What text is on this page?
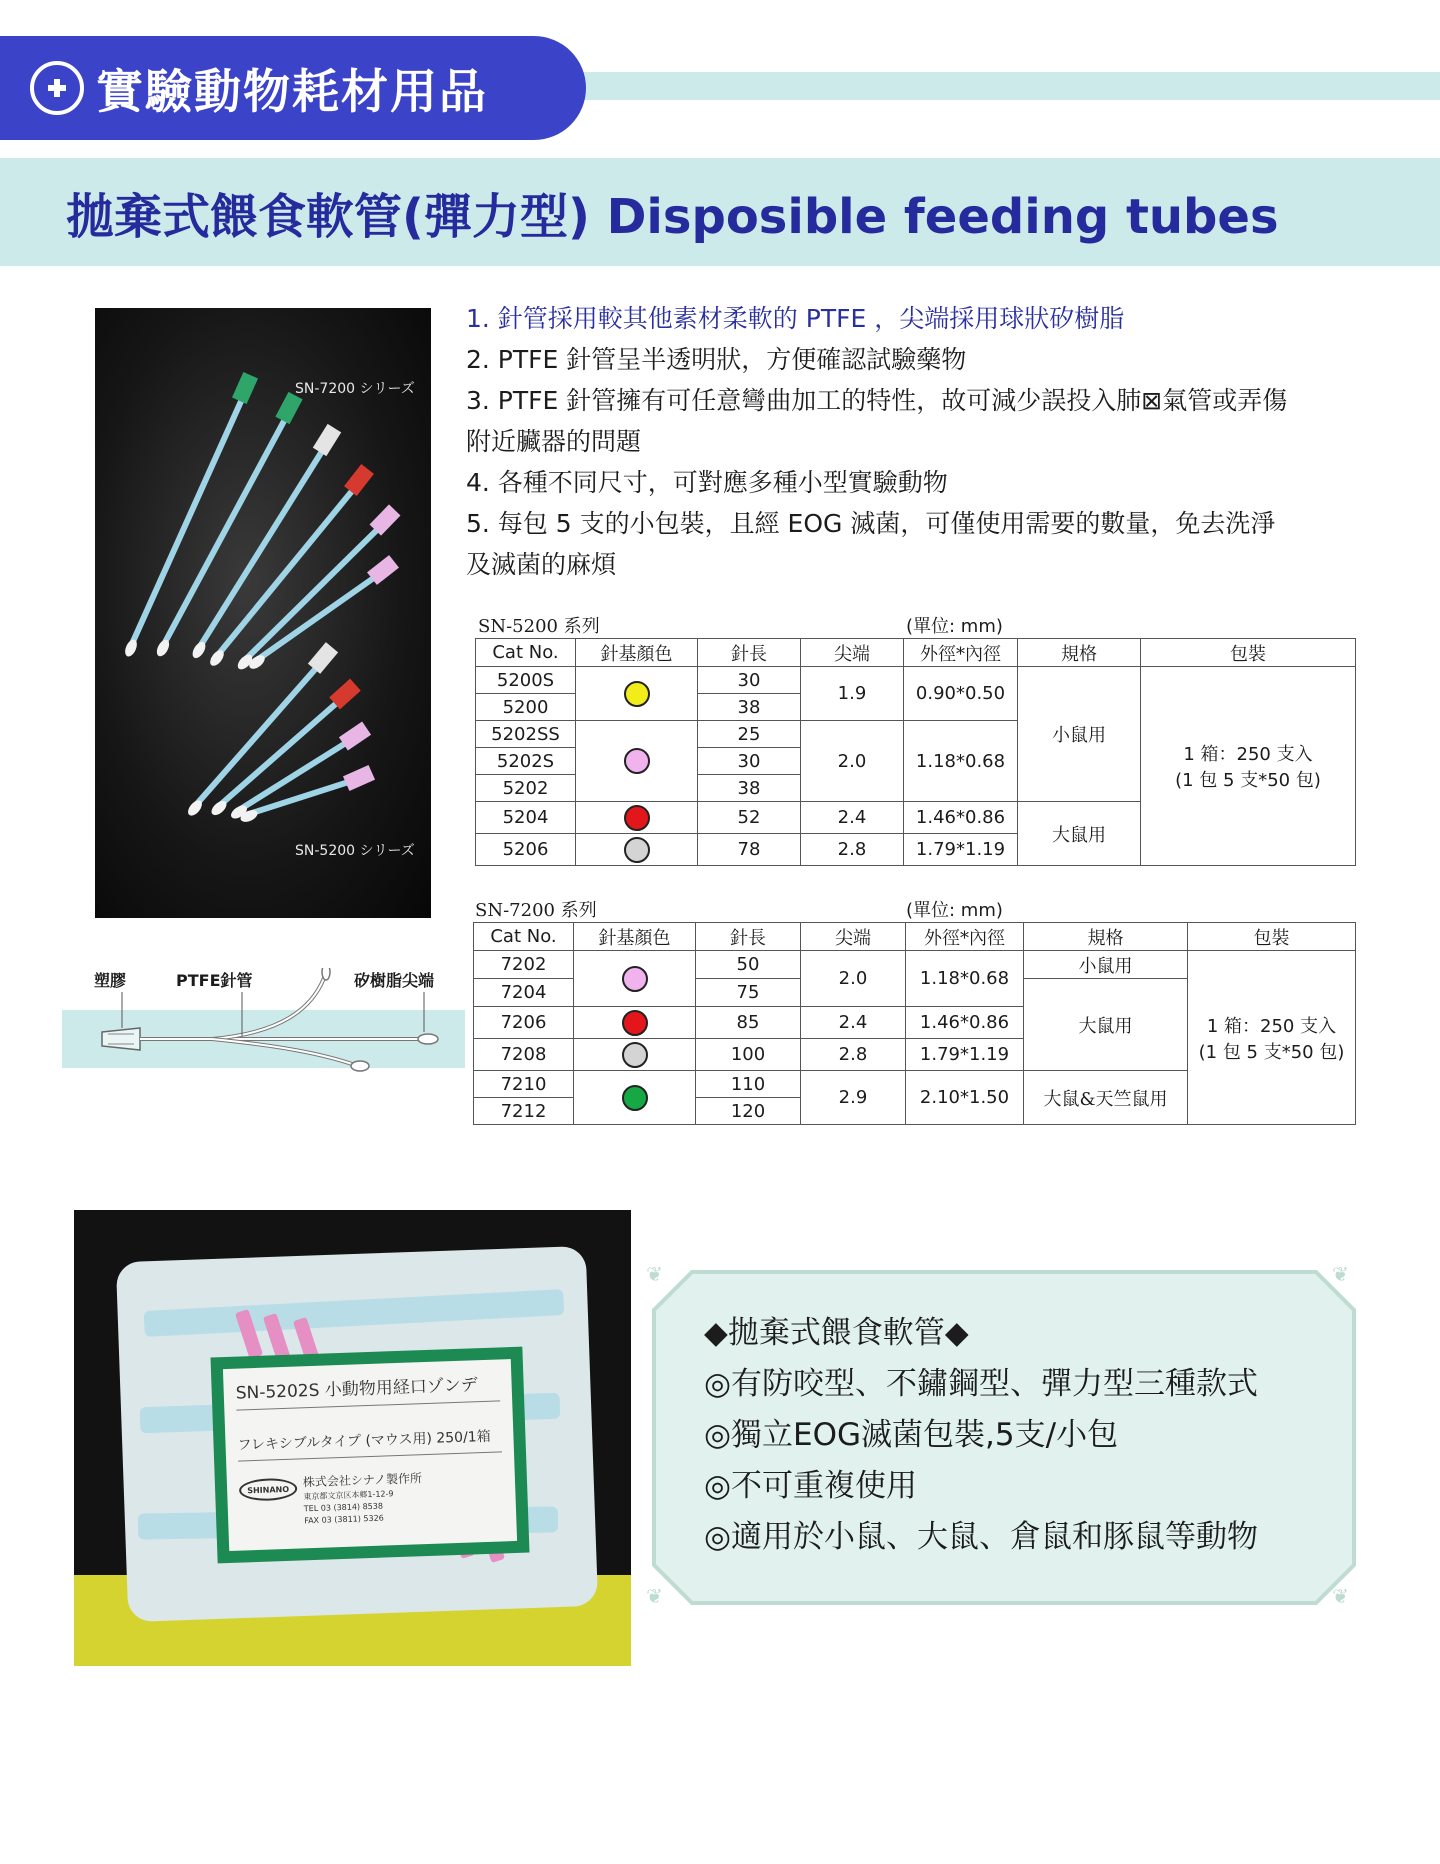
實驗動物耗材用品
拋棄式餵食軟管(彈力型) Disposible feeding tubes
SN-7200 シリーズ
SN-5200 シリーズ
塑膠	PTFE針管	矽樹脂尖端

1. 針管採用較其他素材柔軟的 PTFE ，尖端採用球狀矽樹脂

2. PTFE 針管呈半透明狀，方便確認試驗藥物

3. PTFE 針管擁有可任意彎曲加工的特性，故可減少誤投入肺⊠氣管或弄傷

附近臟器的問題

4. 各種不同尺寸，可對應多種小型實驗動物

5. 每包 5 支的小包裝，且經 EOG 滅菌，可僅使用需要的數量，免去洗淨

及滅菌的麻煩

SN-5200 系列	(單位: mm)
Cat No.	針基顏色	針長	尖端	外徑*內徑	規格	包裝
5200S		30	1.9	0.90*0.50	小鼠用	1 箱：250 支入
(1 包 5 支*50 包)

5200		38				
5202SS		25	2.0	1.18*0.68		
5202S		30				
5202		38				
5204		52	2.4	1.46*0.86	大鼠用	
5206		78	2.8	1.79*1.19		
SN-7200 系列	(單位: mm)
Cat No.	針基顏色	針長	尖端	外徑*內徑	規格	包裝
7202		50	2.0	1.18*0.68	小鼠用	1 箱：250 支入
(1 包 5 支*50 包)

7204		75			大鼠用	
7206		85	2.4	1.46*0.86		
7208		100	2.8	1.79*1.19		
7210		110	2.9	2.10*1.50	大鼠&天竺鼠用	
7212		120				
SN-5202S 小動物用経口ゾンデ
フレキシブルタイプ (マウス用) 250/1箱
SHINANO
株式会社シナノ製作所
東京都文京区本郷1-12-9
TEL 03 (3814) 8538
FAX 03 (3811) 5326
❦	❦
❦	❦
◆拋棄式餵食軟管◆
◎有防咬型、不鏽鋼型、彈力型三種款式
◎獨立EOG滅菌包裝,5支/小包
◎不可重複使用
◎適用於小鼠、大鼠、倉鼠和豚鼠等動物
